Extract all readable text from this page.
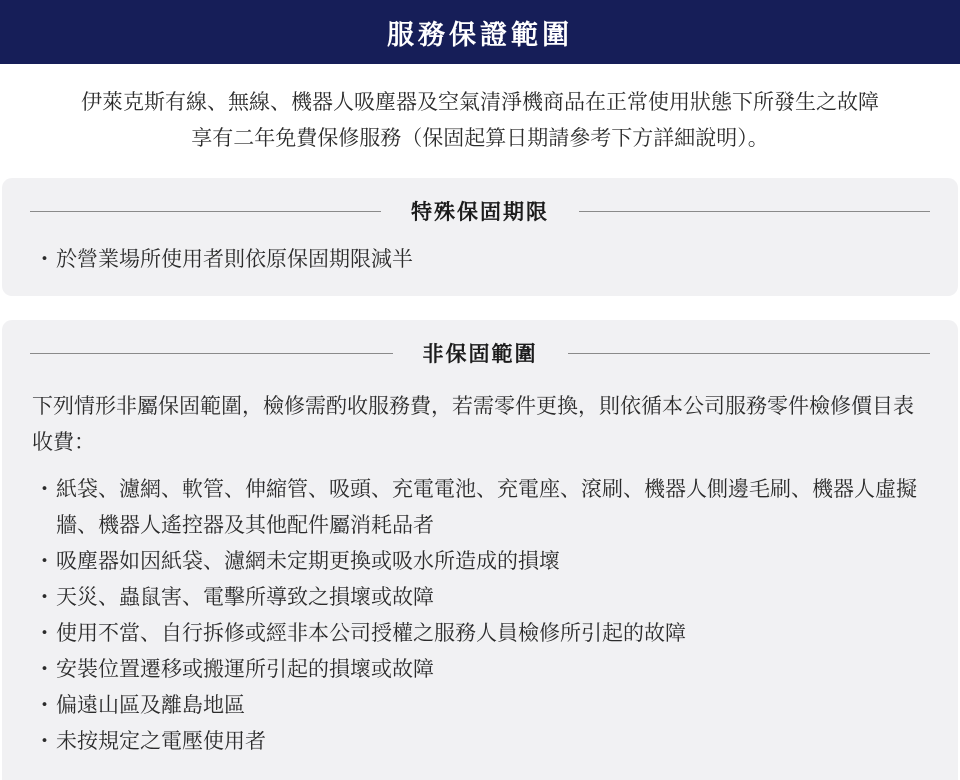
服務保證範圍

伊萊克斯有線、無線、機器人吸塵器及空氣清淨機商品在正常使用狀態下所發生之故障

享有二年免費保修服務（保固起算日期請參考下方詳細說明）。

特殊保固期限
・ 於營業場所使用者則依原保固期限減半
非保固範圍
下列情形非屬保固範圍，檢修需酌收服務費，若需零件更換，則依循本公司服務零件檢修價目表收費：
・ 紙袋、濾網、軟管、伸縮管、吸頭、充電電池、充電座、滾刷、機器人側邊毛刷、機器人虛擬牆、機器人遙控器及其他配件屬消耗品者
・ 吸塵器如因紙袋、濾網未定期更換或吸水所造成的損壞
・ 天災、蟲鼠害、電擊所導致之損壞或故障
・ 使用不當、自行拆修或經非本公司授權之服務人員檢修所引起的故障
・ 安裝位置遷移或搬運所引起的損壞或故障
・ 偏遠山區及離島地區
・ 未按規定之電壓使用者
